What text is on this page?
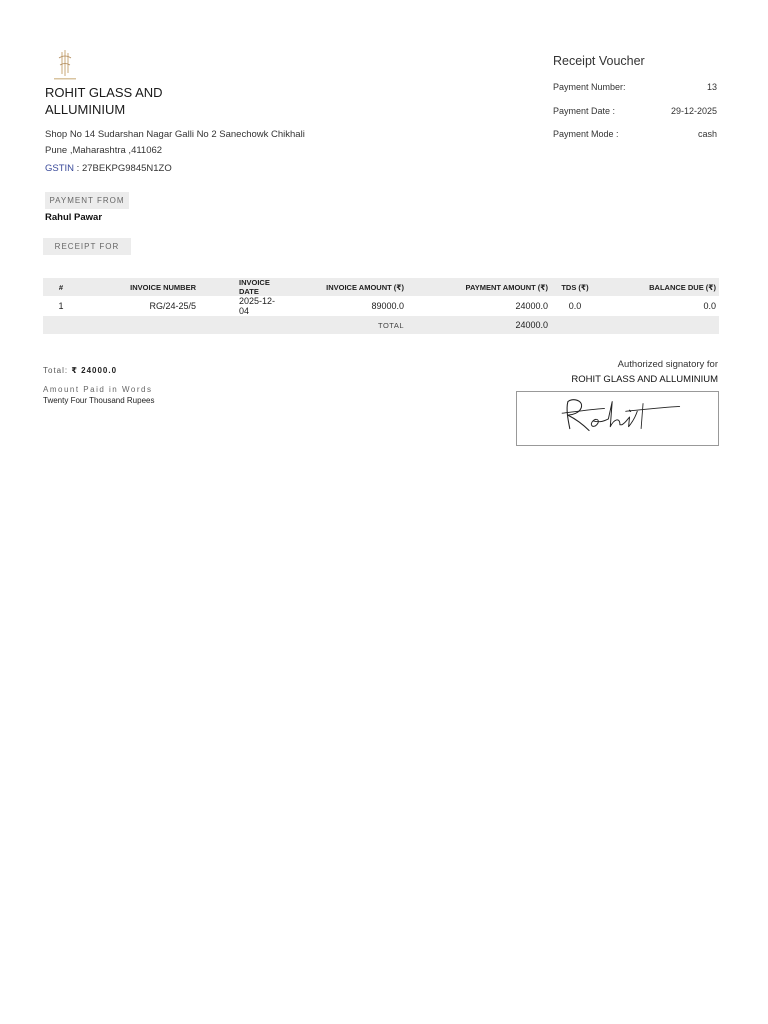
ROHIT GLASS AND ALLUMINIUM
Shop No 14 Sudarshan Nagar Galli No 2 Sanechowk Chikhali
Pune ,Maharashtra ,411062
GSTIN : 27BEKPG9845N1ZO
Receipt Voucher
Payment Number:	13
Payment Date :	29-12-2025
Payment Mode :	cash
PAYMENT FROM
Rahul Pawar
RECEIPT FOR
#	INVOICE NUMBER	INVOICE DATE	INVOICE AMOUNT (₹)	PAYMENT AMOUNT (₹)	TDS (₹)	BALANCE DUE (₹)
1	RG/24-25/5	2025-12-04	89000.0	24000.0	0.0	0.0
			TOTAL	24000.0		
Total: ₹ 24000.0
Amount Paid in Words
Twenty Four Thousand Rupees
Authorized signatory for
ROHIT GLASS AND ALLUMINIUM
